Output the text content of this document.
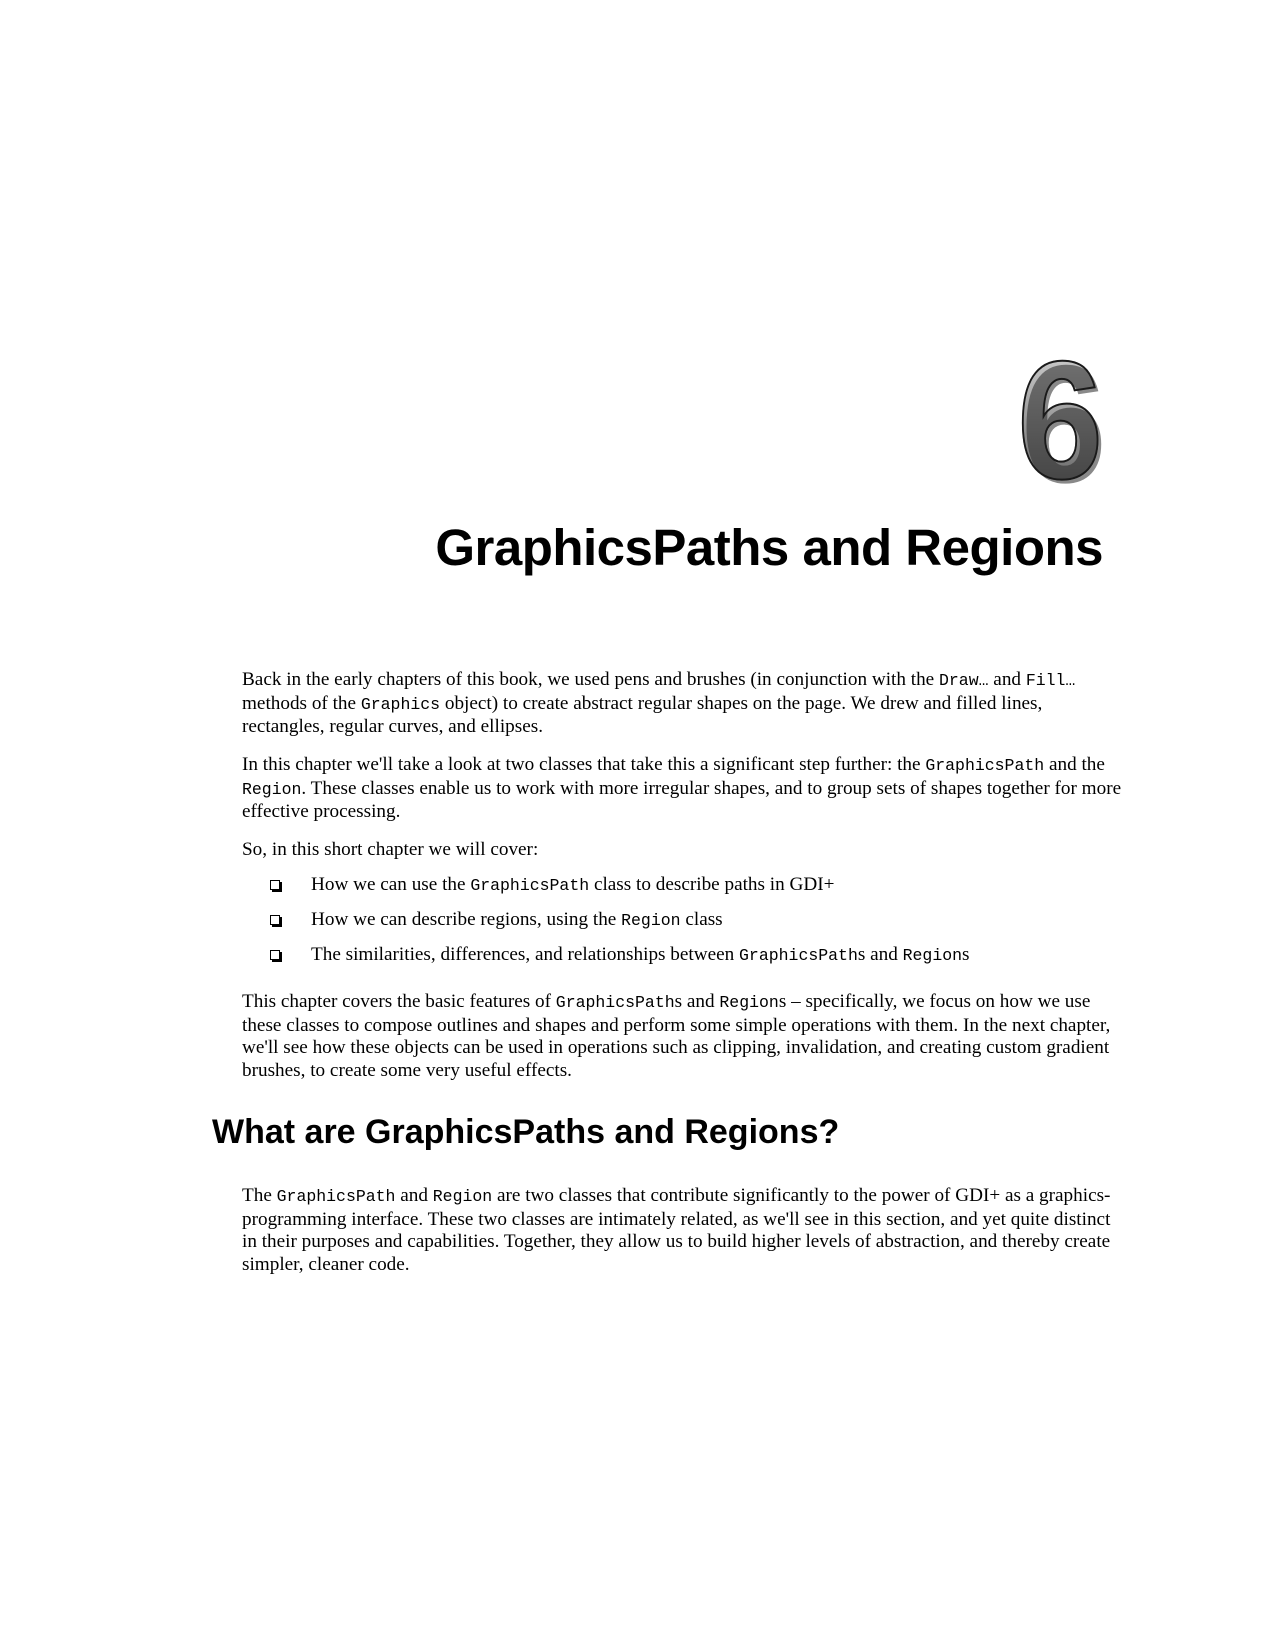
6
GraphicsPaths and Regions

Back in the early chapters of this book, we used pens and brushes (in conjunction with the Draw… and Fill… methods of the Graphics object) to create abstract regular shapes on the page. We drew and filled lines, rectangles, regular curves, and ellipses.

In this chapter we'll take a look at two classes that take this a significant step further: the GraphicsPath and the Region. These classes enable us to work with more irregular shapes, and to group sets of shapes together for more effective processing.

So, in this short chapter we will cover:

How we can use the GraphicsPath class to describe paths in GDI+
How we can describe regions, using the Region class
The similarities, differences, and relationships between GraphicsPaths and Regions

This chapter covers the basic features of GraphicsPaths and Regions – specifically, we focus on how we use these classes to compose outlines and shapes and perform some simple operations with them. In the next chapter, we'll see how these objects can be used in operations such as clipping, invalidation, and creating custom gradient brushes, to create some very useful effects.

What are GraphicsPaths and Regions?

The GraphicsPath and Region are two classes that contribute significantly to the power of GDI+ as a graphics-programming interface. These two classes are intimately related, as we'll see in this section, and yet quite distinct in their purposes and capabilities. Together, they allow us to build higher levels of abstraction, and thereby create simpler, cleaner code.
